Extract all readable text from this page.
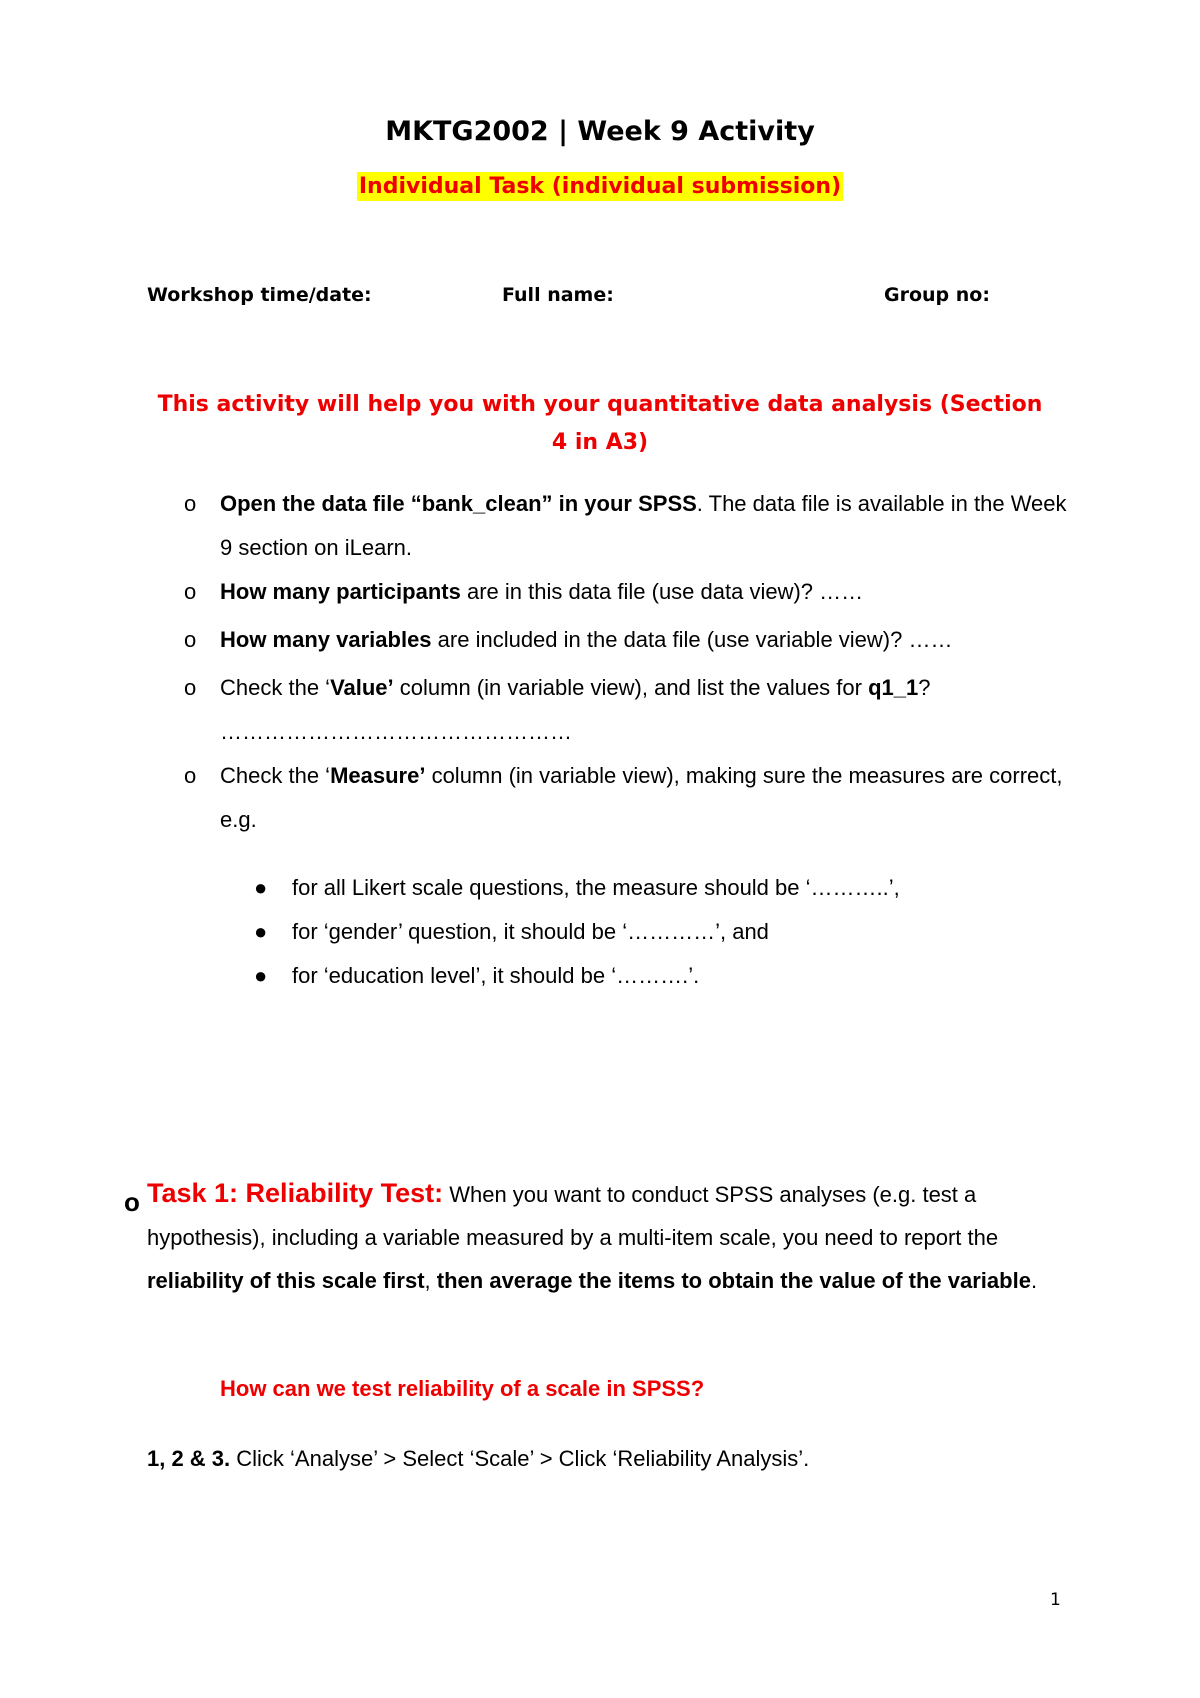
MKTG2002 | Week 9 Activity
Individual Task (individual submission)
Workshop time/date:	Full name:	Group no:
This activity will help you with your quantitative data analysis (Section 4 in A3)
o Open the data file “bank_clean” in your SPSS. The data file is available in the Week 9 section on iLearn.
o How many participants are in this data file (use data view)? ……
o How many variables are included in the data file (use variable view)? ……
o Check the ‘Value’ column (in variable view), and list the values for q1_1?
…………………………………………
o Check the ‘Measure’ column (in variable view), making sure the measures are correct, e.g.
● for all Likert scale questions, the measure should be ‘………..’,
● for ‘gender’ question, it should be ‘…………’, and
● for ‘education level’, it should be ‘……….’.
o Task 1: Reliability Test: When you want to conduct SPSS analyses (e.g. test a hypothesis), including a variable measured by a multi-item scale, you need to report the reliability of this scale first, then average the items to obtain the value of the variable.
How can we test reliability of a scale in SPSS?
1, 2 & 3. Click ‘Analyse’ > Select ‘Scale’ > Click ‘Reliability Analysis’.
1
